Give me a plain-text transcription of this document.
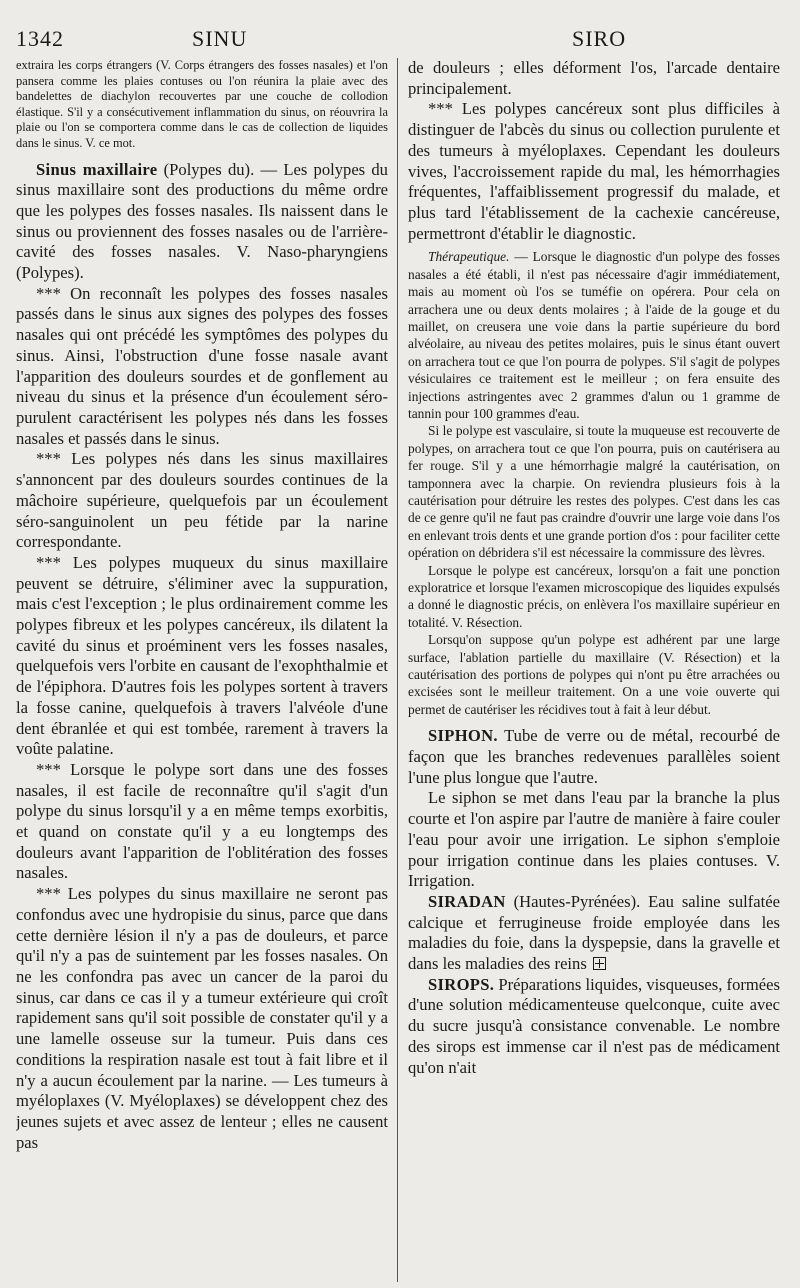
1342	SINU	SIRO

extraira les corps étrangers (V. Corps étrangers des fosses nasales) et l'on pansera comme les plaies contuses ou l'on réunira la plaie avec des bandelettes de diachylon recouvertes par une couche de collodion élastique. S'il y a consécutivement inflammation du sinus, on réouvrira la plaie ou l'on se comportera comme dans le cas de collection de liquides dans le sinus. V. ce mot.

Sinus maxillaire (Polypes du). — Les polypes du sinus maxillaire sont des productions du même ordre que les polypes des fosses nasales. Ils naissent dans le sinus ou proviennent des fosses nasales ou de l'arrière-cavité des fosses nasales. V. Naso-pharyngiens (Polypes).

*** On reconnaît les polypes des fosses nasales passés dans le sinus aux signes des polypes des fosses nasales qui ont précédé les symptômes des polypes du sinus. Ainsi, l'obstruction d'une fosse nasale avant l'apparition des douleurs sourdes et de gonflement au niveau du sinus et la présence d'un écoulement séro-purulent caractérisent les polypes nés dans les fosses nasales et passés dans le sinus.

*** Les polypes nés dans les sinus maxillaires s'annoncent par des douleurs sourdes continues de la mâchoire supérieure, quelquefois par un écoulement séro-sanguinolent un peu fétide par la narine correspondante.

*** Les polypes muqueux du sinus maxillaire peuvent se détruire, s'éliminer avec la suppuration, mais c'est l'exception ; le plus ordinairement comme les polypes fibreux et les polypes cancéreux, ils dilatent la cavité du sinus et proéminent vers les fosses nasales, quelquefois vers l'orbite en causant de l'exophthalmie et de l'épiphora. D'autres fois les polypes sortent à travers la fosse canine, quelquefois à travers l'alvéole d'une dent ébranlée et qui est tombée, rarement à travers la voûte palatine.

*** Lorsque le polype sort dans une des fosses nasales, il est facile de reconnaître qu'il s'agit d'un polype du sinus lorsqu'il y a en même temps exorbitis, et quand on constate qu'il y a eu longtemps des douleurs avant l'apparition de l'oblitération des fosses nasales.

*** Les polypes du sinus maxillaire ne seront pas confondus avec une hydropisie du sinus, parce que dans cette dernière lésion il n'y a pas de douleurs, et parce qu'il n'y a pas de suintement par les fosses nasales. On ne les confondra pas avec un cancer de la paroi du sinus, car dans ce cas il y a tumeur extérieure qui croît rapidement sans qu'il soit possible de constater qu'il y a une lamelle osseuse sur la tumeur. Puis dans ces conditions la respiration nasale est tout à fait libre et il n'y a aucun écoulement par la narine. — Les tumeurs à myéloplaxes (V. Myéloplaxes) se développent chez des jeunes sujets et avec assez de lenteur ; elles ne causent pas

de douleurs ; elles déforment l'os, l'arcade dentaire principalement.

*** Les polypes cancéreux sont plus difficiles à distinguer de l'abcès du sinus ou collection purulente et des tumeurs à myéloplaxes. Cependant les douleurs vives, l'accroissement rapide du mal, les hémorrhagies fréquentes, l'affaiblissement progressif du malade, et plus tard l'établissement de la cachexie cancéreuse, permettront d'établir le diagnostic.

Thérapeutique. — Lorsque le diagnostic d'un polype des fosses nasales a été établi, il n'est pas nécessaire d'agir immédiatement, mais au moment où l'os se tuméfie on opérera. Pour cela on arrachera une ou deux dents molaires ; à l'aide de la gouge et du maillet, on creusera une voie dans la partie supérieure du bord alvéolaire, au niveau des petites molaires, puis le sinus étant ouvert on arrachera tout ce que l'on pourra de polypes. S'il s'agit de polypes vésiculaires ce traitement est le meilleur ; on fera ensuite des injections astringentes avec 2 grammes d'alun ou 1 gramme de tannin pour 100 grammes d'eau.

Si le polype est vasculaire, si toute la muqueuse est recouverte de polypes, on arrachera tout ce que l'on pourra, puis on cautérisera au fer rouge. S'il y a une hémorrhagie malgré la cautérisation, on tamponnera avec la charpie. On reviendra plusieurs fois à la cautérisation pour détruire les restes des polypes. C'est dans les cas de ce genre qu'il ne faut pas craindre d'ouvrir une large voie dans l'os en enlevant trois dents et une grande portion d'os : pour faciliter cette opération on débridera s'il est nécessaire la commissure des lèvres.

Lorsque le polype est cancéreux, lorsqu'on a fait une ponction exploratrice et lorsque l'examen microscopique des liquides expulsés a donné le diagnostic précis, on enlèvera l'os maxillaire supérieur en totalité. V. Résection.

Lorsqu'on suppose qu'un polype est adhérent par une large surface, l'ablation partielle du maxillaire (V. Résection) et la cautérisation des portions de polypes qui n'ont pu être arrachées ou excisées sont le meilleur traitement. On a une voie ouverte qui permet de cautériser les récidives tout à fait à leur début.

SIPHON. Tube de verre ou de métal, recourbé de façon que les branches redevenues parallèles soient l'une plus longue que l'autre.

Le siphon se met dans l'eau par la branche la plus courte et l'on aspire par l'autre de manière à faire couler l'eau pour avoir une irrigation. Le siphon s'emploie pour irrigation continue dans les plaies contuses. V. Irrigation.

SIRADAN (Hautes-Pyrénées). Eau saline sulfatée calcique et ferrugineuse froide employée dans les maladies du foie, dans la dyspepsie, dans la gravelle et dans les maladies des reins

SIROPS. Préparations liquides, visqueuses, formées d'une solution médicamenteuse quelconque, cuite avec du sucre jusqu'à consistance convenable. Le nombre des sirops est immense car il n'est pas de médicament qu'on n'ait
